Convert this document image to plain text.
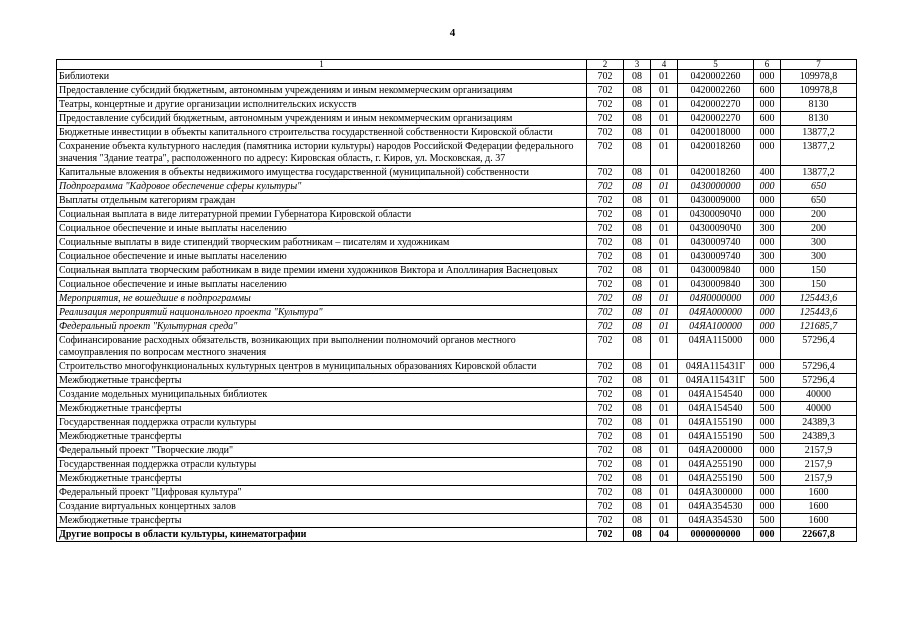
4
1	2	3	4	5	6	7
Библиотеки	702	08	01	0420002260	000	109978,8
Предоставление субсидий бюджетным, автономным учреждениям и иным некоммерческим организациям	702	08	01	0420002260	600	109978,8
Театры, концертные и другие организации исполнительских искусств	702	08	01	0420002270	000	8130
Предоставление субсидий бюджетным, автономным учреждениям и иным некоммерческим организациям	702	08	01	0420002270	600	8130
Бюджетные инвестиции в объекты капитального строительства государственной собственности Кировской области	702	08	01	0420018000	000	13877,2
Сохранение объекта культурного наследия (памятника истории культуры) народов Российской Федерации федерального значения "Здание театра", расположенного по адресу: Кировская область, г. Киров, ул. Московская, д. 37	702	08	01	0420018260	000	13877,2
Капитальные вложения в объекты недвижимого имущества государственной (муниципальной) собственности	702	08	01	0420018260	400	13877,2
Подпрограмма "Кадровое обеспечение сферы культуры"	702	08	01	0430000000	000	650
Выплаты отдельным категориям граждан	702	08	01	0430009000	000	650
Социальная выплата в виде литературной премии Губернатора Кировской области	702	08	01	04300090Ч0	000	200
Социальное обеспечение и иные выплаты населению	702	08	01	04300090Ч0	300	200
Социальные выплаты в виде стипендий творческим работникам – писателям и художникам	702	08	01	0430009740	000	300
Социальное обеспечение и иные выплаты населению	702	08	01	0430009740	300	300
Социальная выплата творческим работникам в виде премии имени художников Виктора и Аполлинария Васнецовых	702	08	01	0430009840	000	150
Социальное обеспечение и иные выплаты населению	702	08	01	0430009840	300	150
Мероприятия, не вошедшие в подпрограммы	702	08	01	04Я0000000	000	125443,6
Реализация мероприятий национального проекта "Культура"	702	08	01	04ЯA000000	000	125443,6
Федеральный проект "Культурная среда"	702	08	01	04ЯA100000	000	121685,7
Софинансирование расходных обязательств, возникающих при выполнении полномочий органов местного самоуправления по вопросам местного значения	702	08	01	04ЯA115000	000	57296,4
Строительство многофункциональных культурных центров в муниципальных образованиях Кировской области	702	08	01	04ЯA115431Г	000	57296,4
Межбюджетные трансферты	702	08	01	04ЯA115431Г	500	57296,4
Создание модельных муниципальных библиотек	702	08	01	04ЯA154540	000	40000
Межбюджетные трансферты	702	08	01	04ЯA154540	500	40000
Государственная поддержка отрасли культуры	702	08	01	04ЯA155190	000	24389,3
Межбюджетные трансферты	702	08	01	04ЯA155190	500	24389,3
Федеральный проект "Творческие люди"	702	08	01	04ЯA200000	000	2157,9
Государственная поддержка отрасли культуры	702	08	01	04ЯA255190	000	2157,9
Межбюджетные трансферты	702	08	01	04ЯA255190	500	2157,9
Федеральный проект "Цифровая культура"	702	08	01	04ЯA300000	000	1600
Создание виртуальных концертных залов	702	08	01	04ЯA354530	000	1600
Межбюджетные трансферты	702	08	01	04ЯA354530	500	1600
Другие вопросы в области культуры, кинематографии	702	08	04	0000000000	000	22667,8
